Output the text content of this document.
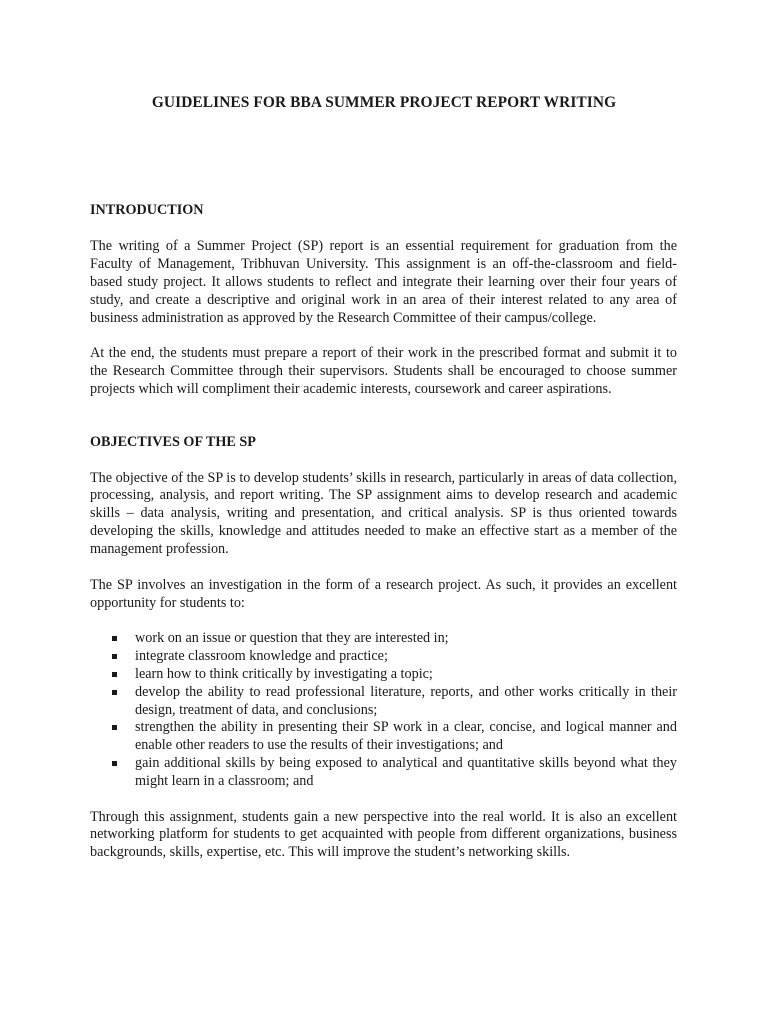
GUIDELINES FOR BBA SUMMER PROJECT REPORT WRITING
INTRODUCTION

The writing of a Summer Project (SP) report is an essential requirement for graduation from the Faculty of Management, Tribhuvan University. This assignment is an off-the-classroom and field-based study project. It allows students to reflect and integrate their learning over their four years of study, and create a descriptive and original work in an area of their interest related to any area of business administration as approved by the Research Committee of their campus/college.

At the end, the students must prepare a report of their work in the prescribed format and submit it to the Research Committee through their supervisors. Students shall be encouraged to choose summer projects which will compliment their academic interests, coursework and career aspirations.

OBJECTIVES OF THE SP

The objective of the SP is to develop students’ skills in research, particularly in areas of data collection, processing, analysis, and report writing. The SP assignment aims to develop research and academic skills – data analysis, writing and presentation, and critical analysis. SP is thus oriented towards developing the skills, knowledge and attitudes needed to make an effective start as a member of the management profession.

The SP involves an investigation in the form of a research project. As such, it provides an excellent opportunity for students to:

work on an issue or question that they are interested in;
integrate classroom knowledge and practice;
learn how to think critically by investigating a topic;
develop the ability to read professional literature, reports, and other works critically in their design, treatment of data, and conclusions;
strengthen the ability in presenting their SP work in a clear, concise, and logical manner and enable other readers to use the results of their investigations; and
gain additional skills by being exposed to analytical and quantitative skills beyond what they might learn in a classroom; and

Through this assignment, students gain a new perspective into the real world. It is also an excellent networking platform for students to get acquainted with people from different organizations, business backgrounds, skills, expertise, etc. This will improve the student’s networking skills.
